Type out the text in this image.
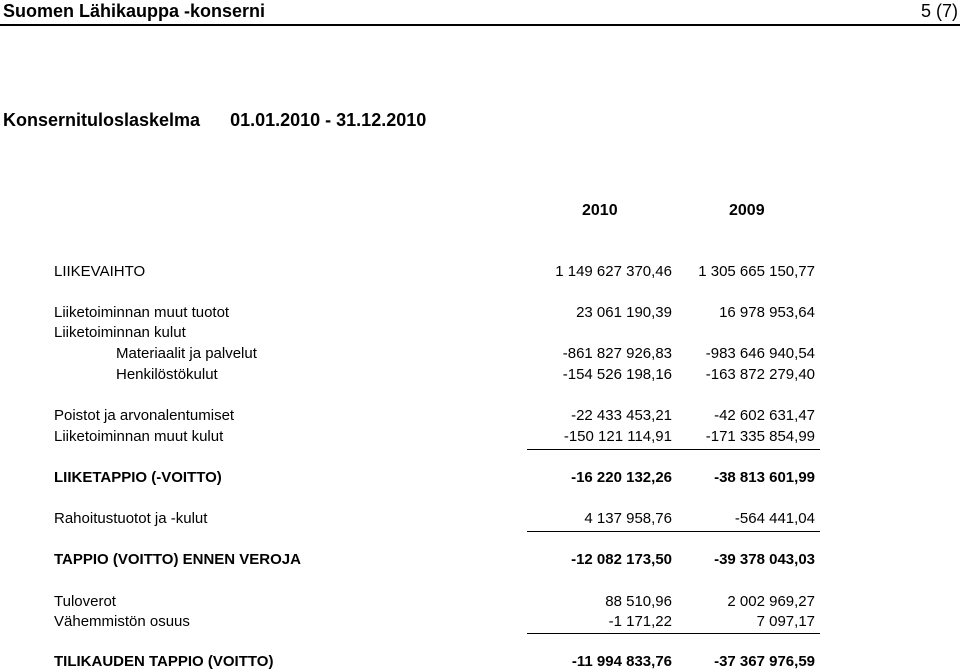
Suomen Lähikauppa -konserni	5 (7)
Konsernituloslaskelma 01.01.2010 - 31.12.2010
2010	2009
LIIKEVAIHTO	1 149 627 370,46	1 305 665 150,77
Liiketoiminnan muut tuotot	23 061 190,39	16 978 953,64
Liiketoiminnan kulut
Materiaalit ja palvelut	-861 827 926,83	-983 646 940,54
Henkilöstökulut	-154 526 198,16	-163 872 279,40
Poistot ja arvonalentumiset	-22 433 453,21	-42 602 631,47
Liiketoiminnan muut kulut	-150 121 114,91	-171 335 854,99
LIIKETAPPIO (-VOITTO)	-16 220 132,26	-38 813 601,99
Rahoitustuotot ja -kulut	4 137 958,76	-564 441,04
TAPPIO (VOITTO) ENNEN VEROJA	-12 082 173,50	-39 378 043,03
Tuloverot	88 510,96	2 002 969,27
Vähemmistön osuus	-1 171,22	7 097,17
TILIKAUDEN TAPPIO (VOITTO)	-11 994 833,76	-37 367 976,59
